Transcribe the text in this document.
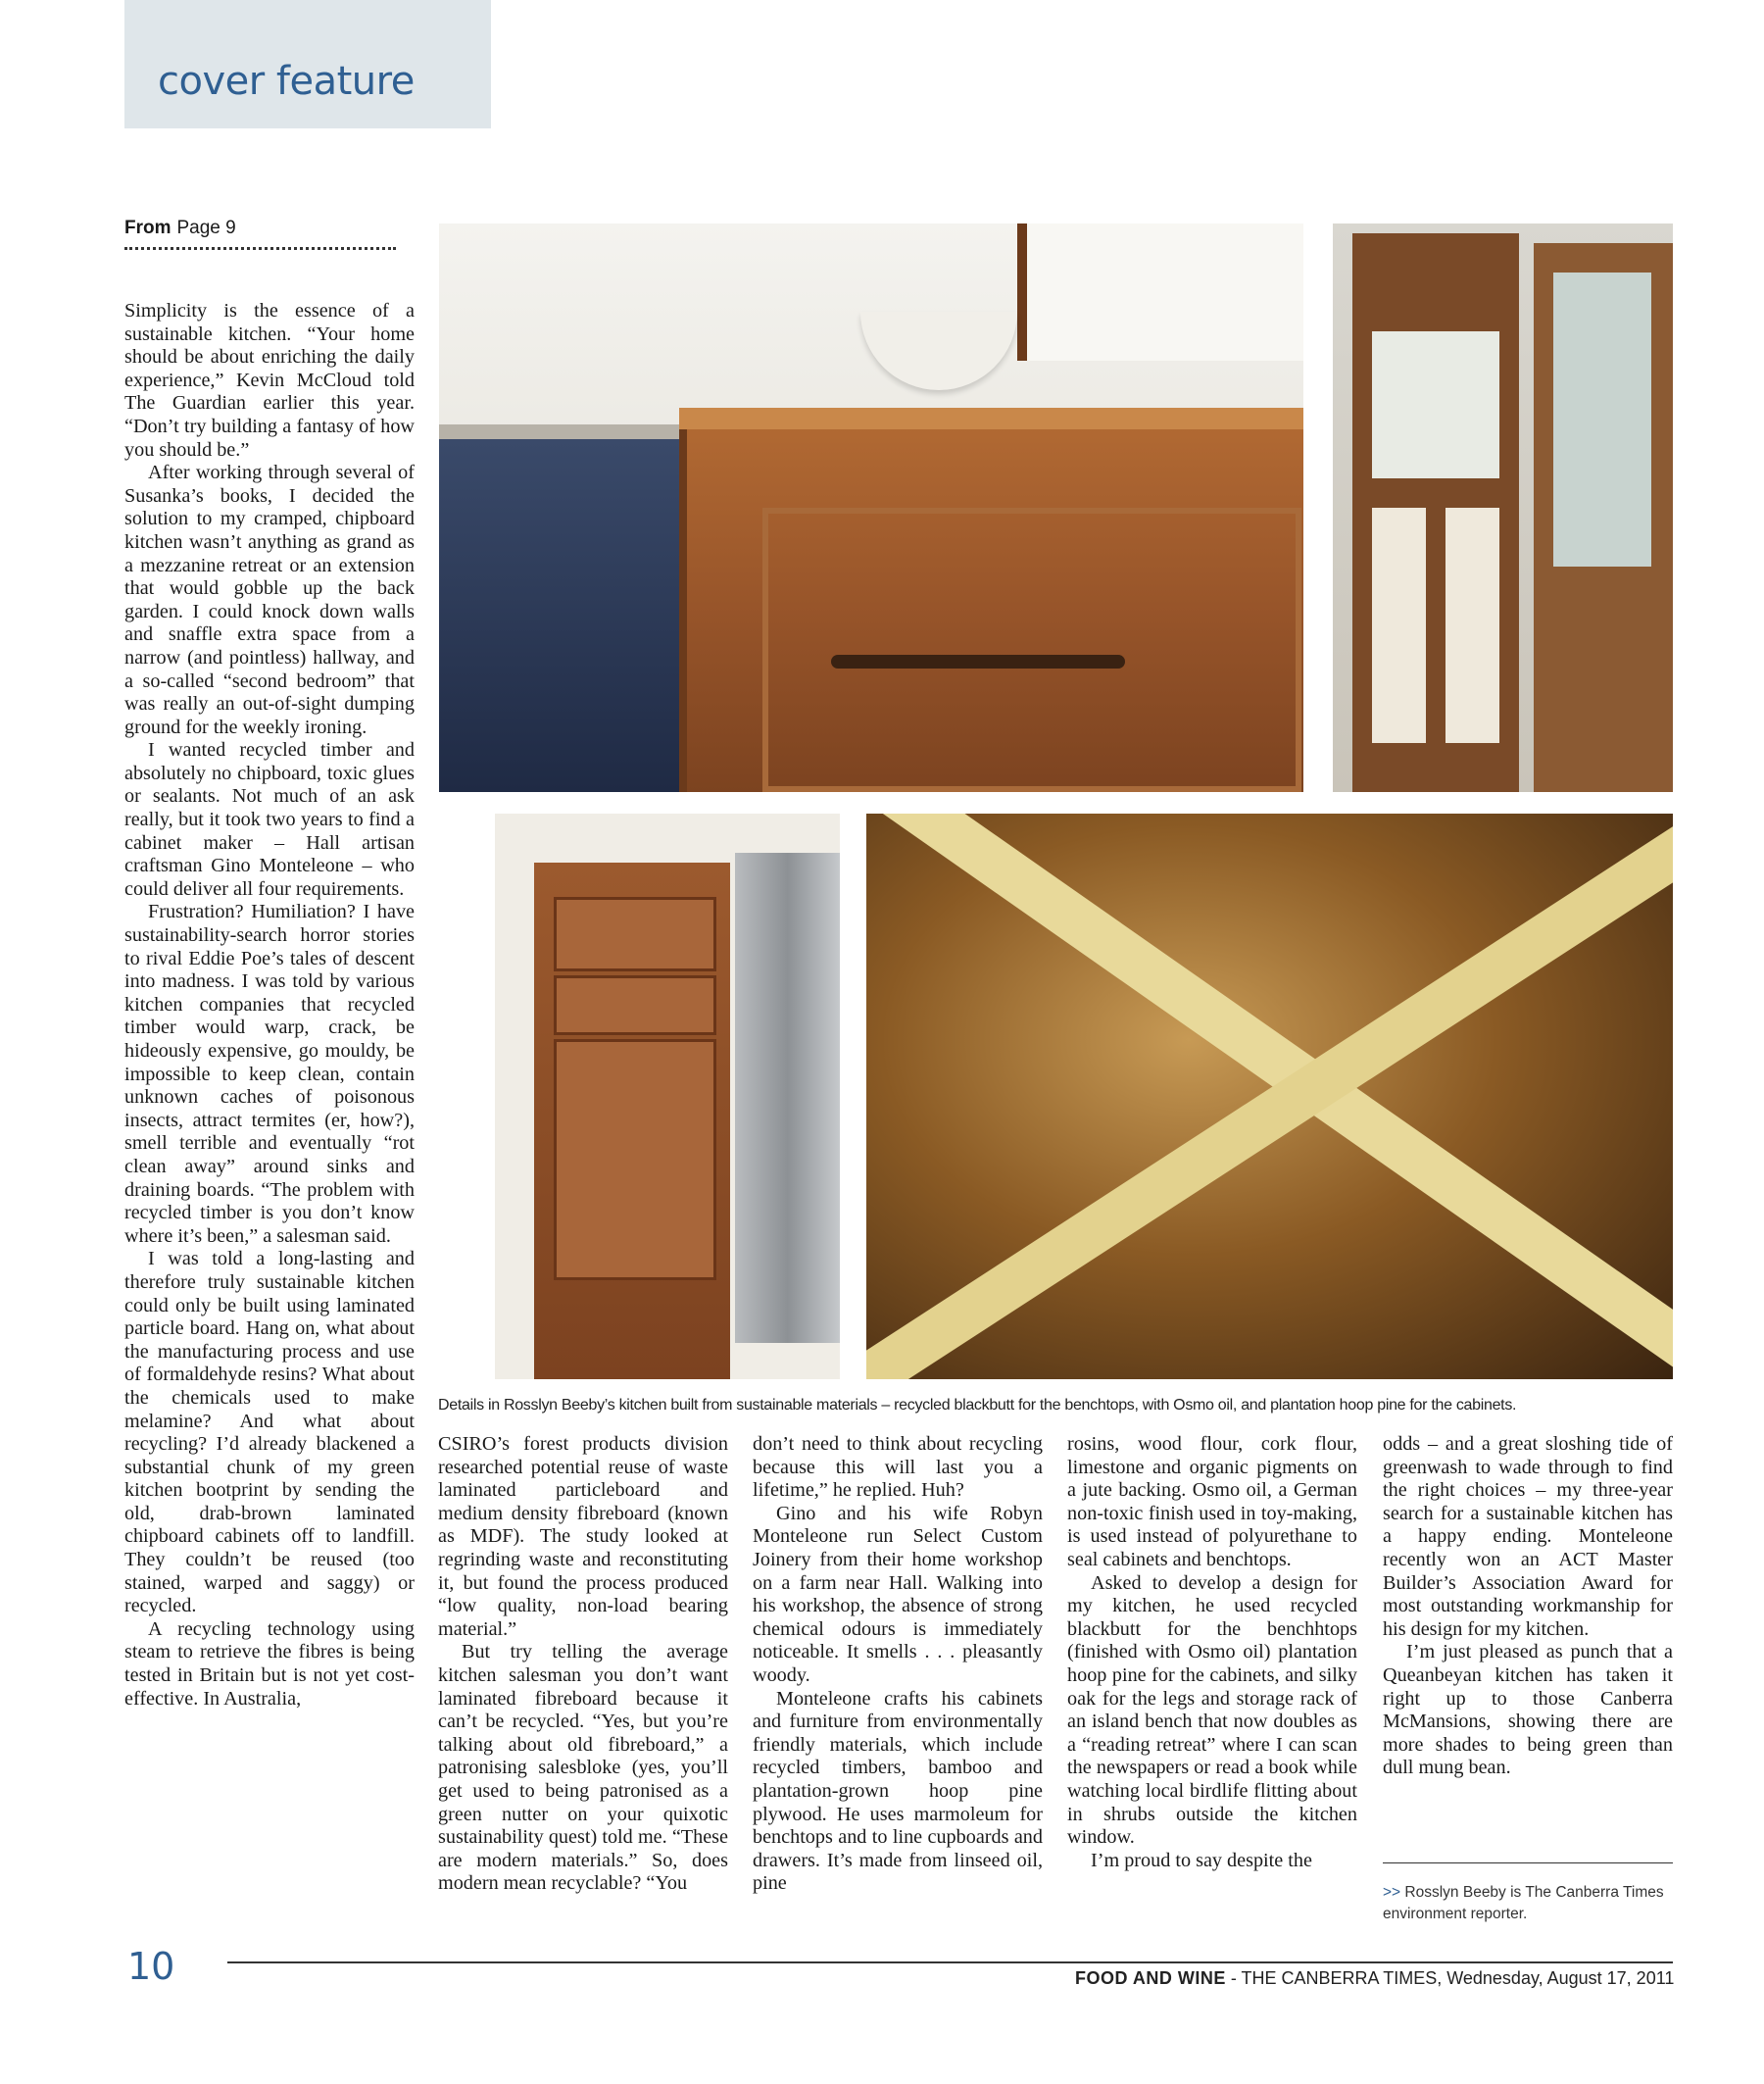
cover feature
From Page 9

Simplicity is the essence of a sustainable kitchen. “Your home should be about enriching the daily experience,” Kevin McCloud told The Guardian earlier this year. “Don’t try building a fantasy of how you should be.”

After working through several of Susanka’s books, I decided the solution to my cramped, chipboard kitchen wasn’t anything as grand as a mezzanine retreat or an extension that would gobble up the back garden. I could knock down walls and snaffle extra space from a narrow (and pointless) hallway, and a so-called “second bedroom” that was really an out-of-sight dumping ground for the weekly ironing.

I wanted recycled timber and absolutely no chipboard, toxic glues or sealants. Not much of an ask really, but it took two years to find a cabinet maker – Hall artisan craftsman Gino Monteleone – who could deliver all four requirements.

Frustration? Humiliation? I have sustainability-search horror stories to rival Eddie Poe’s tales of descent into madness. I was told by various kitchen companies that recycled timber would warp, crack, be hideously expensive, go mouldy, be impossible to keep clean, contain unknown caches of poisonous insects, attract termites (er, how?), smell terrible and eventually “rot clean away” around sinks and draining boards. “The problem with recycled timber is you don’t know where it’s been,” a salesman said.

I was told a long-lasting and therefore truly sustainable kitchen could only be built using laminated particle board. Hang on, what about the manufacturing process and use of formaldehyde resins? What about the chemicals used to make melamine? And what about recycling? I’d already blackened a substantial chunk of my green kitchen bootprint by sending the old, drab-brown laminated chipboard cabinets off to landfill. They couldn’t be reused (too stained, warped and saggy) or recycled.

A recycling technology using steam to retrieve the fibres is being tested in Britain but is not yet cost-effective. In Australia,

Details in Rosslyn Beeby’s kitchen built from sustainable materials – recycled blackbutt for the benchtops, with Osmo oil, and plantation hoop pine for the cabinets.

CSIRO’s forest products division researched potential reuse of waste laminated particleboard and medium density fibreboard (known as MDF). The study looked at regrinding waste and reconstituting it, but found the process produced “low quality, non-load bearing material.”

But try telling the average kitchen salesman you don’t want laminated fibreboard because it can’t be recycled. “Yes, but you’re talking about old fibreboard,” a patronising salesbloke (yes, you’ll get used to being patronised as a green nutter on your quixotic sustainability quest) told me. “These are modern materials.” So, does modern mean recyclable? “You

don’t need to think about recycling because this will last you a lifetime,” he replied. Huh?

Gino and his wife Robyn Monteleone run Select Custom Joinery from their home workshop on a farm near Hall. Walking into his workshop, the absence of strong chemical odours is immediately noticeable. It smells . . . pleasantly woody.

Monteleone crafts his cabinets and furniture from environmentally friendly materials, which include recycled timbers, bamboo and plantation-grown hoop pine plywood. He uses marmoleum for benchtops and to line cupboards and drawers. It’s made from linseed oil, pine

rosins, wood flour, cork flour, limestone and organic pigments on a jute backing. Osmo oil, a German non-toxic finish used in toy-making, is used instead of polyurethane to seal cabinets and benchtops.

Asked to develop a design for my kitchen, he used recycled blackbutt for the benchhtops (finished with Osmo oil) plantation hoop pine for the cabinets, and silky oak for the legs and storage rack of an island bench that now doubles as a “reading retreat” where I can scan the newspapers or read a book while watching local birdlife flitting about in shrubs outside the kitchen window.

I’m proud to say despite the

odds – and a great sloshing tide of greenwash to wade through to find the right choices – my three-year search for a sustainable kitchen has a happy ending. Monteleone recently won an ACT Master Builder’s Association Award for most outstanding workmanship for his design for my kitchen.

I’m just pleased as punch that a Queanbeyan kitchen has taken it right up to those Canberra McMansions, showing there are more shades to being green than dull mung bean.

>> Rosslyn Beeby is The Canberra Times environment reporter.
10	FOOD AND WINE - THE CANBERRA TIMES, Wednesday, August 17, 2011
